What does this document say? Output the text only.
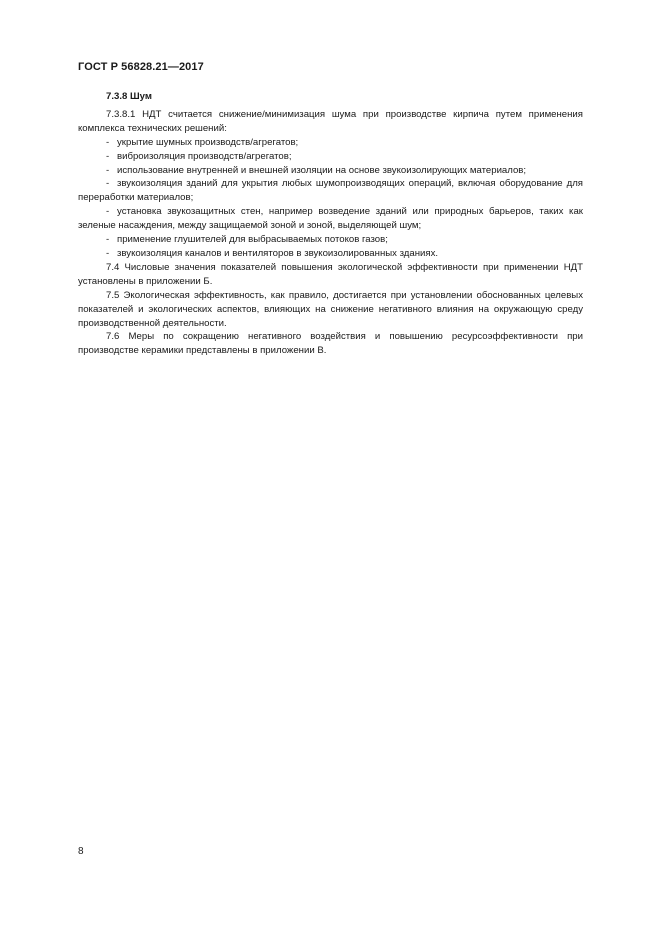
ГОСТ Р 56828.21—2017

7.3.8 Шум

7.3.8.1 НДТ считается снижение/минимизация шума при производстве кирпича путем применения комплекса технических решений:

- укрытие шумных производств/агрегатов;

- виброизоляция производств/агрегатов;

- использование внутренней и внешней изоляции на основе звукоизолирующих материалов;

- звукоизоляция зданий для укрытия любых шумопроизводящих операций, включая оборудование для переработки материалов;

- установка звукозащитных стен, например возведение зданий или природных барьеров, таких как зеленые насаждения, между защищаемой зоной и зоной, выделяющей шум;

- применение глушителей для выбрасываемых потоков газов;

- звукоизоляция каналов и вентиляторов в звукоизолированных зданиях.

7.4 Числовые значения показателей повышения экологической эффективности при применении НДТ установлены в приложении Б.

7.5 Экологическая эффективность, как правило, достигается при установлении обоснованных целевых показателей и экологических аспектов, влияющих на снижение негативного влияния на окружающую среду производственной деятельности.

7.6 Меры по сокращению негативного воздействия и повышению ресурсоэффективности при производстве керамики представлены в приложении В.

8
